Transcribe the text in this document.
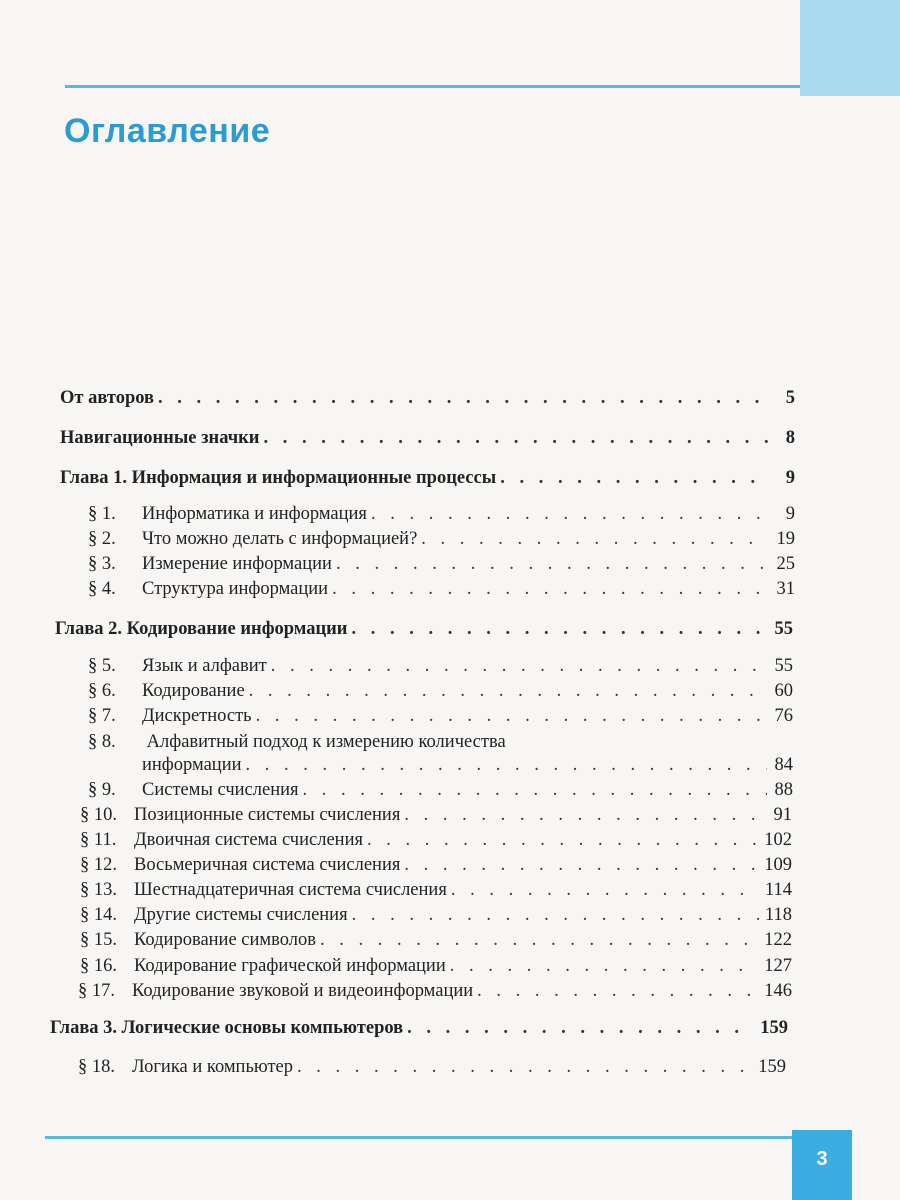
Оглавление
От авторов . . .	5
Навигационные значки . . .	8
Глава 1. Информация и информационные процессы . . .	9
§ 1.	Информатика и информация . . .	9
§ 2.	Что можно делать с информацией? . . .	19
§ 3.	Измерение информации . . .	25
§ 4.	Структура информации . . .	31
Глава 2. Кодирование информации . . .	55
§ 5.	Язык и алфавит . . .	55
§ 6.	Кодирование . . .	60
§ 7.	Дискретность . . .	76
§ 8. Алфавитный подход к измерению количества
информации . . .	84
§ 9.	Системы счисления . . .	88
§ 10. Позиционные системы счисления . . .	91
§ 11. Двоичная система счисления . . .	102
§ 12. Восьмеричная система счисления . . .	109
§ 13. Шестнадцатеричная система счисления . . .	114
§ 14. Другие системы счисления . . .	118
§ 15. Кодирование символов . . .	122
§ 16. Кодирование графической информации . . .	127
§ 17. Кодирование звуковой и видеоинформации . . .	146
Глава 3. Логические основы компьютеров . . .	159
§ 18. Логика и компьютер . . .	159
3
